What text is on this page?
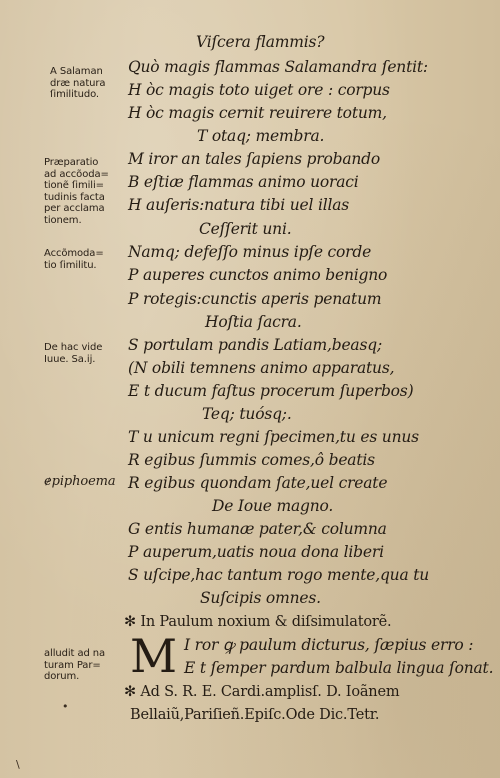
Viſcera flammis?
Quò magis flammas Salamandra ſentit:
H òc magis toto uiget ore : corpus
H òc magis cernit reuirere totum,
T otaq; membra.
M iror an tales ſapiens probando
B eſtiæ flammas animo uoraci
H auſeris:natura tibi uel illas
Ceſſerit uni.
Namq; defeſſo minus ipſe corde
P auperes cunctos animo benigno
P rotegis:cunctis aperis penatum
Hoſtia ſacra.
S portulam pandis Latiam,beasq;
(N obili temnens animo apparatus,
E t ducum faſtus procerum ſuperbos)
Teq; tuósq;.
T u unicum regni ſpecimen,tu es unus
R egibus ſummis comes,ô beatis
R egibus quondam ſate,uel create
De Ioue magno.
G entis humanæ pater,& columna
P auperum,uatis noua dona liberi
S uſcipe,hac tantum rogo mente,qua tu
Suſcipis omnes.
✻ In Paulum noxium & diſsimulatorẽ.
M I ror ꝙ paulum dicturus, ſæpius erro :
E t ſemper pardum balbula lingua ſonat.
✻ Ad S. R. E. Cardi.amplisſ. D. Ioãnem
Bellaiũ,Pariſieñ.Epiſc.Ode Dic.Tetr.
A Salaman
dræ natura
ſimilitudo.
Præparatio
ad accõoda=
tionẽ ſimili=
tudinis facta
per acclama
tionem.
Accõmoda=
tio ſimilitu.
De hac vide
Iuue. Sa.ij.
ɇpiphoema
alludit ad na
turam Par=
dorum.
•
\
